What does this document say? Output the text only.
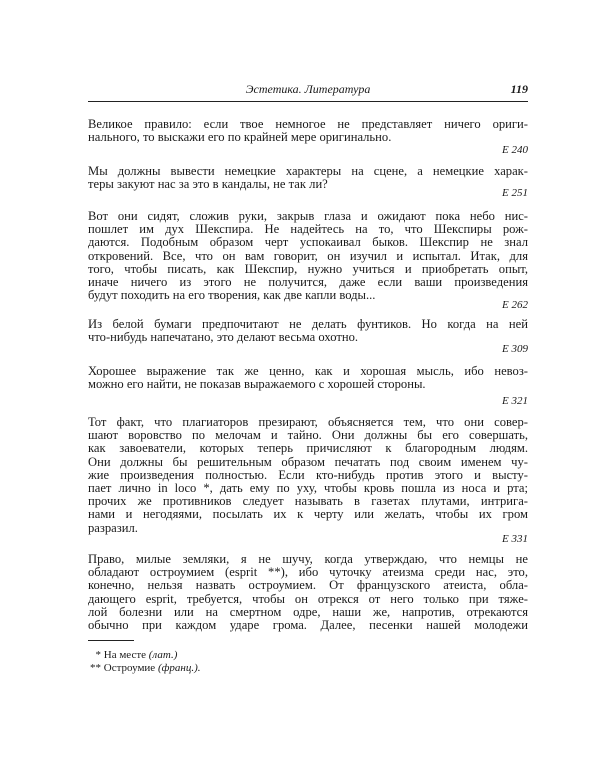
Эстетика. Литература	119
Великое правило: если твое немногое не представляет ничего ориги-
нального, то выскажи его по крайней мере оригинально.
E 240
Мы должны вывести немецкие характеры на сцене, а немецкие харак-
теры закуют нас за это в кандалы, не так ли?
E 251
Вот они сидят, сложив руки, закрыв глаза и ожидают пока небо нис-
пошлет им дух Шекспира. Не надейтесь на то, что Шекспиры рож-
даются. Подобным образом черт успокаивал быков. Шекспир не знал
откровений. Все, что он вам говорит, он изучил и испытал. Итак, для
того, чтобы писать, как Шекспир, нужно учиться и приобретать опыт,
иначе ничего из этого не получится, даже если ваши произведения
будут походить на его творения, как две капли воды...
E 262
Из белой бумаги предпочитают не делать фунтиков. Но когда на ней
что-нибудь напечатано, это делают весьма охотно.
E 309
Хорошее выражение так же ценно, как и хорошая мысль, ибо невоз-
можно его найти, не показав выражаемого с хорошей стороны.
E 321
Тот факт, что плагиаторов презирают, объясняется тем, что они совер-
шают воровство по мелочам и тайно. Они должны бы его совершать,
как завоеватели, которых теперь причисляют к благородным людям.
Они должны бы решительным образом печатать под своим именем чу-
жие произведения полностью. Если кто-нибудь против этого и высту-
пает лично in loco *, дать ему по уху, чтобы кровь пошла из носа и рта;
прочих же противников следует называть в газетах плутами, интрига-
нами и негодяями, посылать их к черту или желать, чтобы их гром
разразил.
E 331
Право, милые земляки, я не шучу, когда утверждаю, что немцы не
обладают остроумием (esprit **), ибо чуточку атеизма среди нас, это,
конечно, нельзя назвать остроумием. От французского атеиста, обла-
дающего esprit, требуется, чтобы он отрекся от него только при тяже-
лой болезни или на смертном одре, наши же, напротив, отрекаются
обычно при каждом ударе грома. Далее, песенки нашей молодежи
* На месте (лат.)
** Остроумие (франц.).
